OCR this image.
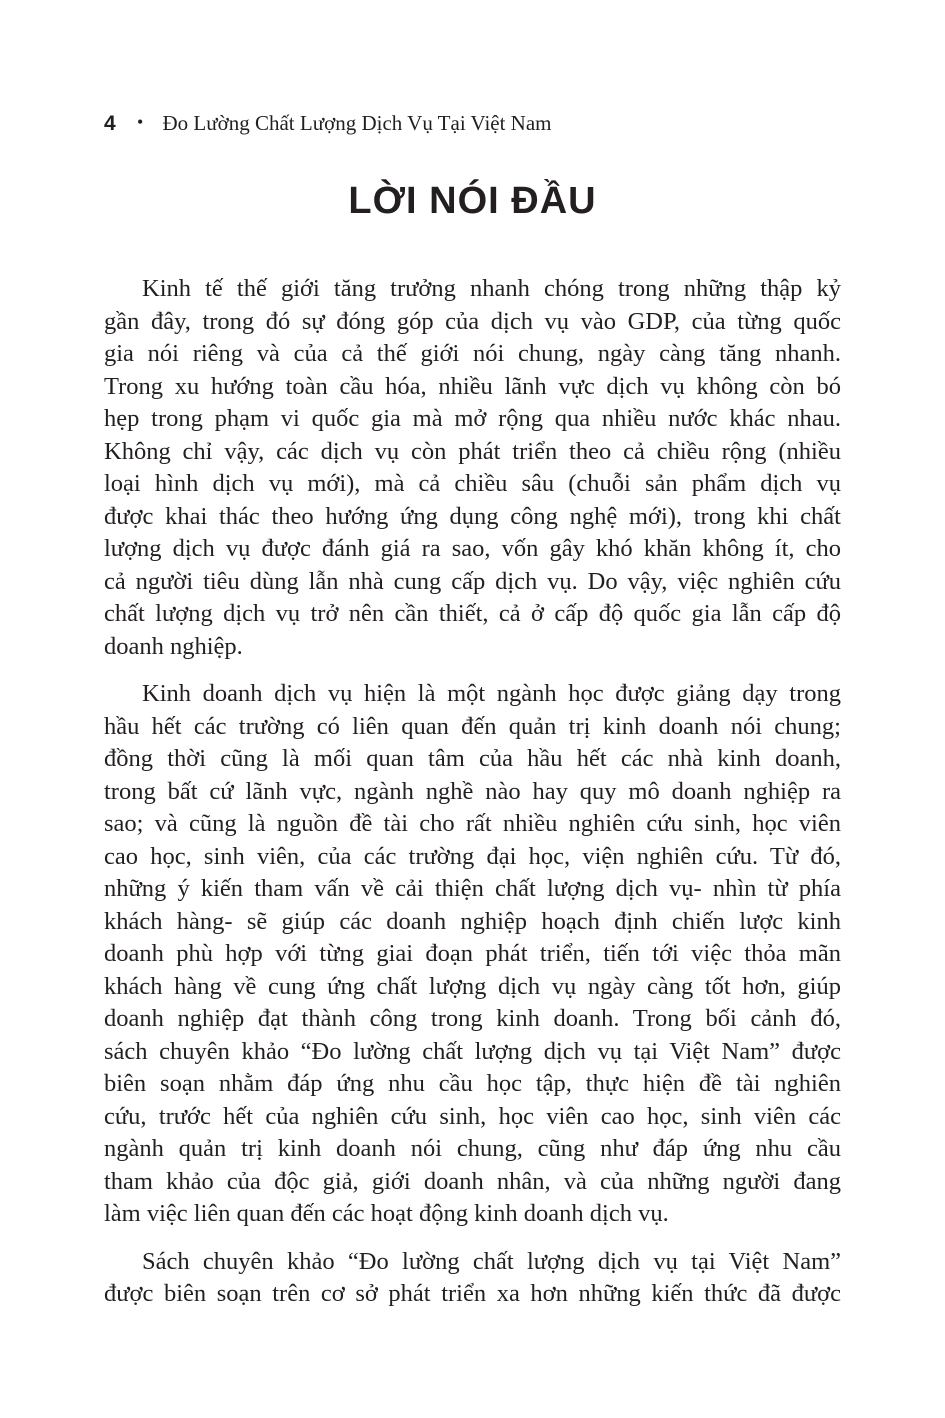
4 • Đo Lường Chất Lượng Dịch Vụ Tại Việt Nam
LỜI NÓI ĐẦU
Kinh tế thế giới tăng trưởng nhanh chóng trong những thập kỷ
gần đây, trong đó sự đóng góp của dịch vụ vào GDP, của từng quốc
gia nói riêng và của cả thế giới nói chung, ngày càng tăng nhanh.
Trong xu hướng toàn cầu hóa, nhiều lãnh vực dịch vụ không còn bó
hẹp trong phạm vi quốc gia mà mở rộng qua nhiều nước khác nhau.
Không chỉ vậy, các dịch vụ còn phát triển theo cả chiều rộng (nhiều
loại hình dịch vụ mới), mà cả chiều sâu (chuỗi sản phẩm dịch vụ
được khai thác theo hướng ứng dụng công nghệ mới), trong khi chất
lượng dịch vụ được đánh giá ra sao, vốn gây khó khăn không ít, cho
cả người tiêu dùng lẫn nhà cung cấp dịch vụ. Do vậy, việc nghiên cứu
chất lượng dịch vụ trở nên cần thiết, cả ở cấp độ quốc gia lẫn cấp độ
doanh nghiệp.
Kinh doanh dịch vụ hiện là một ngành học được giảng dạy trong
hầu hết các trường có liên quan đến quản trị kinh doanh nói chung;
đồng thời cũng là mối quan tâm của hầu hết các nhà kinh doanh,
trong bất cứ lãnh vực, ngành nghề nào hay quy mô doanh nghiệp ra
sao; và cũng là nguồn đề tài cho rất nhiều nghiên cứu sinh, học viên
cao học, sinh viên, của các trường đại học, viện nghiên cứu. Từ đó,
những ý kiến tham vấn về cải thiện chất lượng dịch vụ- nhìn từ phía
khách hàng- sẽ giúp các doanh nghiệp hoạch định chiến lược kinh
doanh phù hợp với từng giai đoạn phát triển, tiến tới việc thỏa mãn
khách hàng về cung ứng chất lượng dịch vụ ngày càng tốt hơn, giúp
doanh nghiệp đạt thành công trong kinh doanh. Trong bối cảnh đó,
sách chuyên khảo “Đo lường chất lượng dịch vụ tại Việt Nam” được
biên soạn nhằm đáp ứng nhu cầu học tập, thực hiện đề tài nghiên
cứu, trước hết của nghiên cứu sinh, học viên cao học, sinh viên các
ngành quản trị kinh doanh nói chung, cũng như đáp ứng nhu cầu
tham khảo của độc giả, giới doanh nhân, và của những người đang
làm việc liên quan đến các hoạt động kinh doanh dịch vụ.
Sách chuyên khảo “Đo lường chất lượng dịch vụ tại Việt Nam”
được biên soạn trên cơ sở phát triển xa hơn những kiến thức đã được
